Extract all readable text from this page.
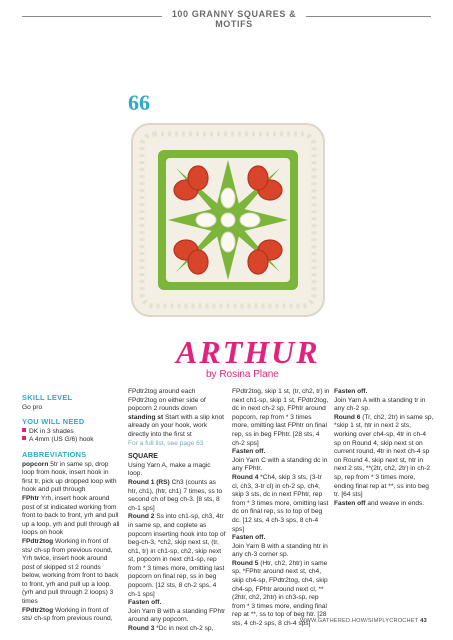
100 GRANNY SQUARES & MOTIFS
66
ARTHUR
by Rosina Plane

SKILL LEVEL

Go pro

YOU WILL NEED

DK in 3 shades

A 4mm (US G/6) hook

ABBREVIATIONS

popcorn 5tr in same sp, drop loop from hook, insert hook in first tr, pick up dropped loop with hook and pull through

FPhtr Yrh, insert hook around post of st indicated working from front to back to front, yrh and pull up a loop, yrh and pull through all loops on hook

FPdtr2tog Working in front of sts/ ch-sp from previous round, Yrh twice, insert hook around post of skipped st 2 rounds below, working from front to back to front, yrh and pull up a loop. (yrh and pull through 2 loops) 3 times

FPdtr2tog Working in front of sts/ ch-sp from previous round,

FPdtr2tog around each FPdtr2tog on either side of popcorn 2 rounds down

standing st Start with a slip knot already on your hook, work directly into the first st

For a full list, see page 63

SQUARE

Using Yarn A, make a magic loop.

Round 1 (RS) Ch3 (counts as htr, ch1), (htr, ch1) 7 times, ss to second ch of beg ch-3. [8 sts, 8 ch-1 sps]

Round 2 Ss into ch1-sp, ch3, 4tr in same sp, and coplete as popcorn inserting hook into top of beg-ch-3, *ch2, skip next st, (tr, ch1, tr) in ch1-sp, ch2, skip next st, popcorn in next ch1-sp, rep from * 3 times more, omitting last popcorn on final rep, ss in beg popcorn. [12 sts, 8 ch-2 sps, 4 ch-1 sps]

Fasten off.

Join Yarn B with a standing FPhtr around any popcorn.

Round 3 *Dc in next ch-2 sp,

FPdtr2tog, skip 1 st, (tr, ch2, tr) in next ch1-sp, skip 1 st, FPdtr2tog, dc in next ch-2 sp, FPhtr around popcorn, rep from * 3 times more, omitting last FPhtr on final rep, ss in beg FPhtr. [28 sts, 4 ch-2 sps]

Fasten off.

Join Yarn C with a standing dc in any FPhtr.

Round 4 *Ch4, skip 3 sts, (3-tr cl, ch3, 3-tr cl) in ch-2 sp, ch4, skip 3 sts, dc in next FPhtr, rep from * 3 times more, omitting last dc on final rep, ss to top of beg dc. [12 sts, 4 ch-3 sps, 8 ch-4 sps]

Fasten off.

Join Yarn B with a standing htr in any ch-3 corner sp.

Round 5 (Htr, ch2, 2htr) in same sp, *FPhtr around next st, ch4, skip ch4-sp, FPdtr2tog, ch4, skip ch4-sp, FPhtr around next cl, **(2htr, ch2, 2htr) in ch3-sp, rep from * 3 times more, ending final rep at **, ss to top of beg htr. [28 sts, 4 ch-2 sps, 8 ch-4 sps]

Fasten off.

Join Yarn A with a standing tr in any ch-2 sp.

Round 6 (Tr, ch2, 2tr) in same sp, *skip 1 st, htr in next 2 sts, working over ch4-sp, 4tr in ch-4 sp on Round 4, skip next st on current round, 4tr in next ch-4 sp on Round 4, skip next st, htr in next 2 sts, **(2tr, ch2, 2tr) in ch-2 sp, rep from * 3 times more, ending final rep at **, ss into beg tr. [64 sts]

Fasten off and weave in ends.

WWW.GATHERED.HOW/SIMPLYCROCHET 43
